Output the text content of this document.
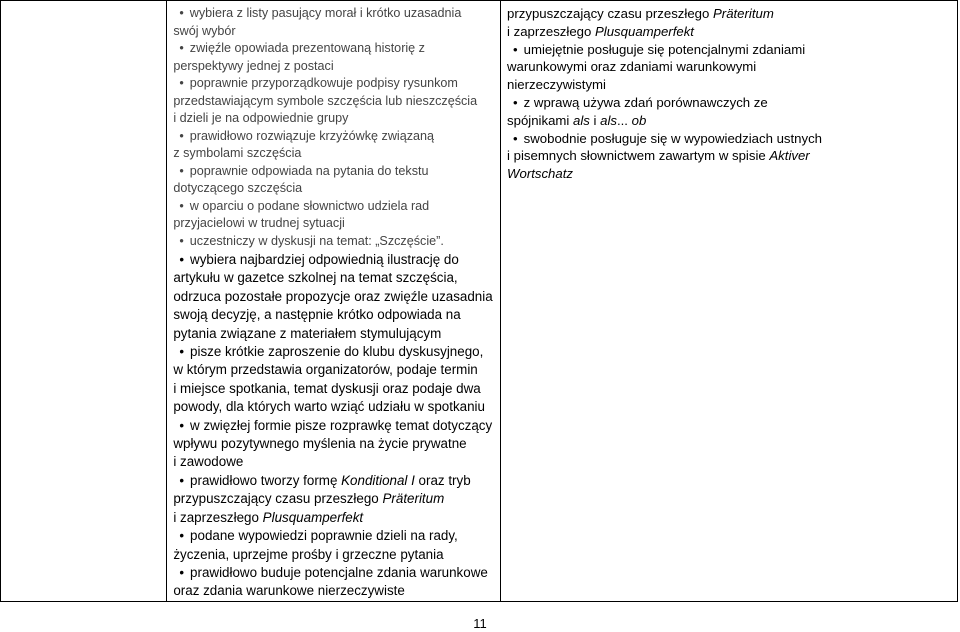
• wybiera z listy pasujący morał i krótko uzasadnia
swój wybór
• zwięźle opowiada prezentowaną historię z
perspektywy jednej z postaci
• poprawnie przyporządkowuje podpisy rysunkom
przedstawiającym symbole szczęścia lub nieszczęścia
i dzieli je na odpowiednie grupy
• prawidłowo rozwiązuje krzyżówkę związaną
z symbolami szczęścia
• poprawnie odpowiada na pytania do tekstu
dotyczącego szczęścia
• w oparciu o podane słownictwo udziela rad
przyjacielowi w trudnej sytuacji
• uczestniczy w dyskusji na temat: „Szczęście”.
• wybiera najbardziej odpowiednią ilustrację do
artykułu w gazetce szkolnej na temat szczęścia,
odrzuca pozostałe propozycje oraz zwięźle uzasadnia
swoją decyzję, a następnie krótko odpowiada na
pytania związane z materiałem stymulującym
• pisze krótkie zaproszenie do klubu dyskusyjnego,
w którym przedstawia organizatorów, podaje termin
i miejsce spotkania, temat dyskusji oraz podaje dwa
powody, dla których warto wziąć udziału w spotkaniu
• w zwięzłej formie pisze rozprawkę temat dotyczący
wpływu pozytywnego myślenia na życie prywatne
i zawodowe
• prawidłowo tworzy formę Konditional I oraz tryb
przypuszczający czasu przeszłego Präteritum
i zaprzeszłego Plusquamperfekt
• podane wypowiedzi poprawnie dzieli na rady,
życzenia, uprzejme prośby i grzeczne pytania
• prawidłowo buduje potencjalne zdania warunkowe
oraz zdania warunkowe nierzeczywiste

przypuszczający czasu przeszłego Präteritum
i zaprzeszłego Plusquamperfekt
• umiejętnie posługuje się potencjalnymi zdaniami
warunkowymi oraz zdaniami warunkowymi
nierzeczywistymi
• z wprawą używa zdań porównawczych ze
spójnikami als i als... ob
• swobodnie posługuje się w wypowiedziach ustnych
i pisemnych słownictwem zawartym w spisie Aktiver
Wortschatz
11
